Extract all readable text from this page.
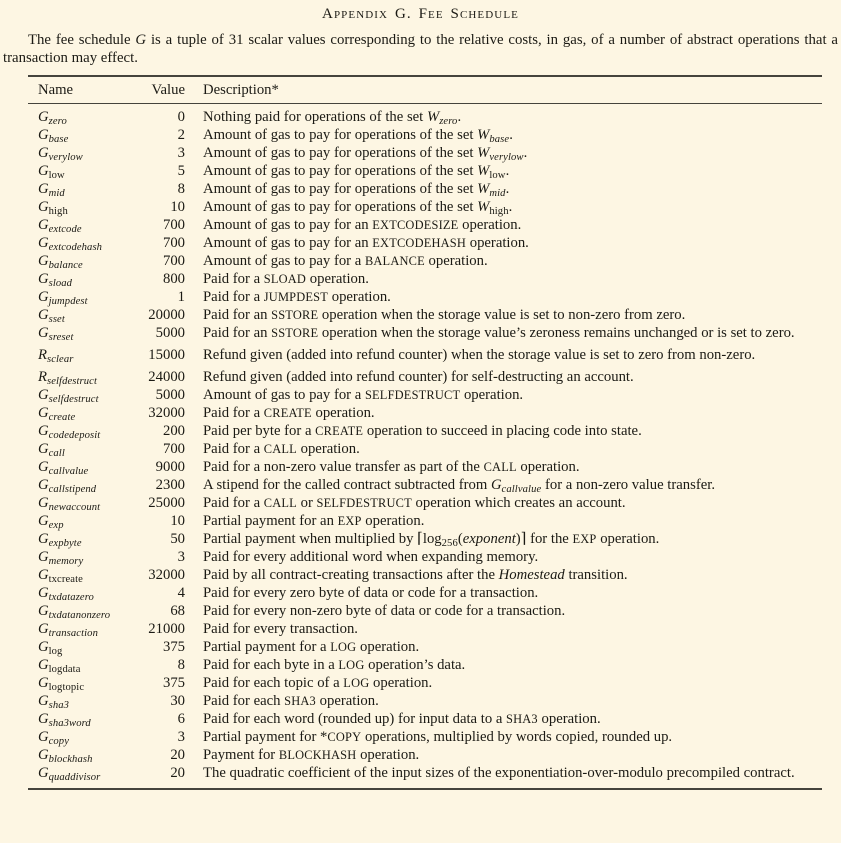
Appendix G. Fee Schedule

The fee schedule G is a tuple of 31 scalar values corresponding to the relative costs, in gas, of a number of abstract operations that a transaction may effect.

Name	Value	Description*
$G_{zero}$	0	Nothing paid for operations of the set $W_{zero}$.
$G_{base}$	2	Amount of gas to pay for operations of the set $W_{base}$.
$G_{verylow}$	3	Amount of gas to pay for operations of the set $W_{verylow}$.
$G_{low}$	5	Amount of gas to pay for operations of the set $W_{low}$.
$G_{mid}$	8	Amount of gas to pay for operations of the set $W_{mid}$.
$G_{high}$	10	Amount of gas to pay for operations of the set $W_{high}$.
$G_{extcode}$	700	Amount of gas to pay for an EXTCODESIZE operation.
$G_{extcodehash}$	700	Amount of gas to pay for an EXTCODEHASH operation.
$G_{balance}$	700	Amount of gas to pay for a BALANCE operation.
$G_{sload}$	800	Paid for a SLOAD operation.
$G_{jumpdest}$	1	Paid for a JUMPDEST operation.
$G_{sset}$	20000	Paid for an SSTORE operation when the storage value is set to non-zero from zero.
$G_{sreset}$	5000	Paid for an SSTORE operation when the storage value’s zeroness remains unchanged or is set to zero.
$R_{sclear}$	15000	Refund given (added into refund counter) when the storage value is set to zero from non-zero.
$R_{selfdestruct}$	24000	Refund given (added into refund counter) for self-destructing an account.
$G_{selfdestruct}$	5000	Amount of gas to pay for a SELFDESTRUCT operation.
$G_{create}$	32000	Paid for a CREATE operation.
$G_{codedeposit}$	200	Paid per byte for a CREATE operation to succeed in placing code into state.
$G_{call}$	700	Paid for a CALL operation.
$G_{callvalue}$	9000	Paid for a non-zero value transfer as part of the CALL operation.
$G_{callstipend}$	2300	A stipend for the called contract subtracted from $G_{callvalue}$ for a non-zero value transfer.
$G_{newaccount}$	25000	Paid for a CALL or SELFDESTRUCT operation which creates an account.
$G_{exp}$	10	Partial payment for an EXP operation.
$G_{expbyte}$	50	Partial payment when multiplied by $⌈\log_{256}(exponent)⌉$ for the EXP operation.
$G_{memory}$	3	Paid for every additional word when expanding memory.
$G_{txcreate}$	32000	Paid by all contract-creating transactions after the Homestead transition.
$G_{txdatazero}$	4	Paid for every zero byte of data or code for a transaction.
$G_{txdatanonzero}$	68	Paid for every non-zero byte of data or code for a transaction.
$G_{transaction}$	21000	Paid for every transaction.
$G_{log}$	375	Partial payment for a LOG operation.
$G_{logdata}$	8	Paid for each byte in a LOG operation’s data.
$G_{logtopic}$	375	Paid for each topic of a LOG operation.
$G_{sha3}$	30	Paid for each SHA3 operation.
$G_{sha3word}$	6	Paid for each word (rounded up) for input data to a SHA3 operation.
$G_{copy}$	3	Partial payment for *COPY operations, multiplied by words copied, rounded up.
$G_{blockhash}$	20	Payment for BLOCKHASH operation.
$G_{quaddivisor}$	20	The quadratic coefficient of the input sizes of the exponentiation-over-modulo precompiled contract.
